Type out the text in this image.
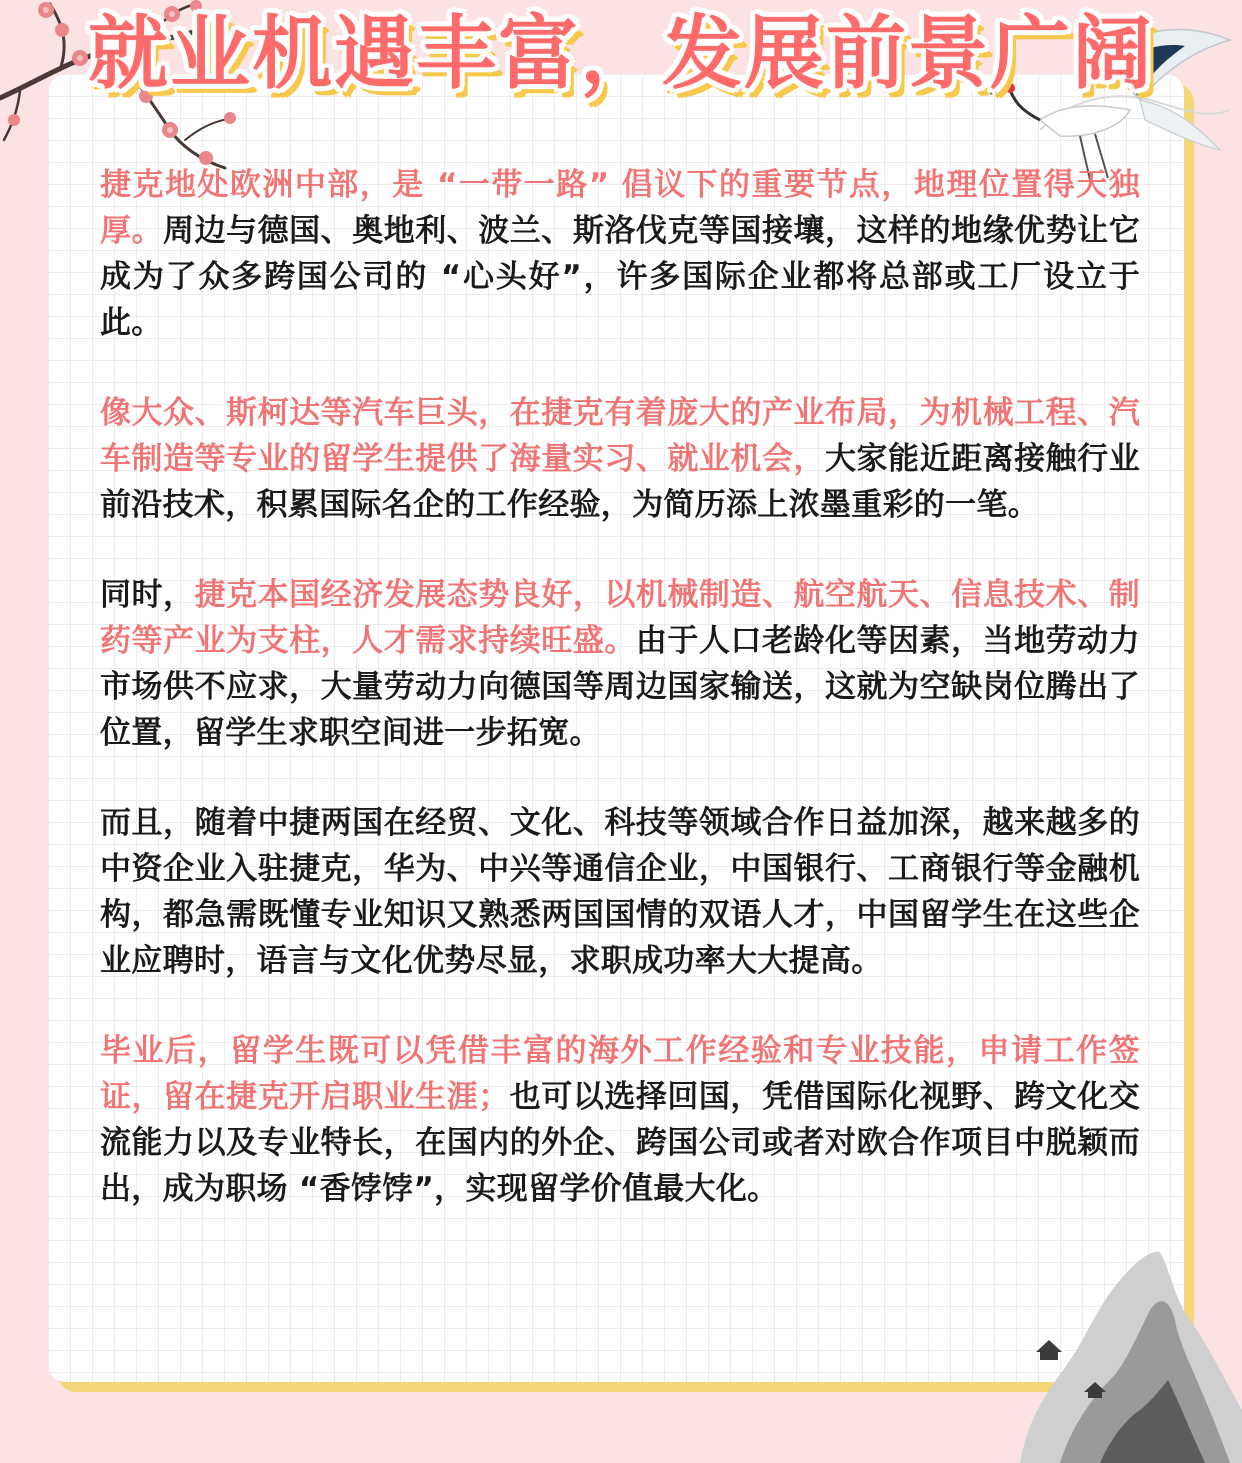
就业机遇丰富，发展前景广阔

捷克地处欧洲中部，是 “一带一路” 倡议下的重要节点，地理位置得天独厚。周边与德国、奥地利、波兰、斯洛伐克等国接壤，这样的地缘优势让它成为了众多跨国公司的 “心头好”，许多国际企业都将总部或工厂设立于此。

像大众、斯柯达等汽车巨头，在捷克有着庞大的产业布局，为机械工程、汽车制造等专业的留学生提供了海量实习、就业机会，大家能近距离接触行业前沿技术，积累国际名企的工作经验，为简历添上浓墨重彩的一笔。

同时，捷克本国经济发展态势良好，以机械制造、航空航天、信息技术、制药等产业为支柱，人才需求持续旺盛。由于人口老龄化等因素，当地劳动力市场供不应求，大量劳动力向德国等周边国家输送，这就为空缺岗位腾出了位置，留学生求职空间进一步拓宽。

而且，随着中捷两国在经贸、文化、科技等领域合作日益加深，越来越多的中资企业入驻捷克，华为、中兴等通信企业，中国银行、工商银行等金融机构，都急需既懂专业知识又熟悉两国国情的双语人才，中国留学生在这些企业应聘时，语言与文化优势尽显，求职成功率大大提高。

毕业后，留学生既可以凭借丰富的海外工作经验和专业技能，申请工作签证，留在捷克开启职业生涯；也可以选择回国，凭借国际化视野、跨文化交流能力以及专业特长，在国内的外企、跨国公司或者对欧合作项目中脱颖而出，成为职场 “香饽饽”，实现留学价值最大化。
